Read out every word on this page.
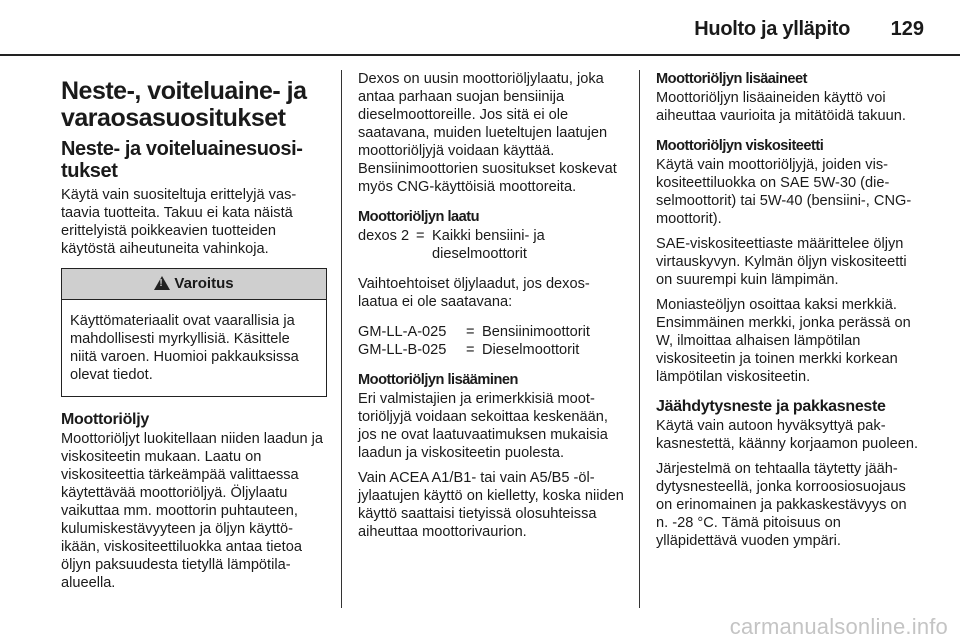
Huolto ja ylläpito 129
Neste-, voiteluaine- ja varaosasuositukset
Neste- ja voiteluainesuositukset

Käytä vain suositeltuja erittelyjä vastaavia tuotteita. Takuu ei kata näistä erittelyistä poikkeavien tuotteiden käytöstä aiheutuneita vahinkoja.

!Varoitus
Käyttömateriaalit ovat vaarallisia ja mahdollisesti myrkyllisiä. Käsittele niitä varoen. Huomioi pakkauksissa olevat tiedot.
Moottoriöljy

Moottoriöljyt luokitellaan niiden laadun ja viskositeetin mukaan. Laatu on viskositeettia tärkeämpää valittaessa käytettävää moottoriöljyä. Öljylaatu vaikuttaa mm. moottorin puhtauteen, kulumiskestävyyteen ja öljyn käyttöikään, viskositeettiluokka antaa tietoa öljyn paksuudesta tietyllä lämpötilaalueella.

Dexos on uusin moottoriöljylaatu, joka antaa parhaan suojan bensiinija dieselmoottoreille. Jos sitä ei ole saatavana, muiden lueteltujen laatujen moottoriöljyjä voidaan käyttää. Bensiinimoottorien suositukset koskevat myös CNG-käyttöisiä moottoreita.

Moottoriöljyn laatu
dexos 2	=	Kaikki bensiini- ja dieselmoottorit

Vaihtoehtoiset öljylaadut, jos dexoslaatua ei ole saatavana:

GM-LL-A-025	=	Bensiinimoottorit
GM-LL-B-025	=	Dieselmoottorit
Moottoriöljyn lisääminen

Eri valmistajien ja erimerkkisiä moottoriöljyjä voidaan sekoittaa keskenään, jos ne ovat laatuvaatimuksen mukaisia laadun ja viskositeetin puolesta.

Vain ACEA A1/B1- tai vain A5/B5 -öljylaatujen käyttö on kielletty, koska niiden käyttö saattaisi tietyissä olosuhteissa aiheuttaa moottorivaurion.

Moottoriöljyn lisäaineet

Moottoriöljyn lisäaineiden käyttö voi aiheuttaa vaurioita ja mitätöidä takuun.

Moottoriöljyn viskositeetti

Käytä vain moottoriöljyjä, joiden viskositeettiluokka on SAE 5W-30 (dieselmoottorit) tai 5W-40 (bensiini-, CNG-moottorit).

SAE-viskositeettiaste määrittelee öljyn virtauskyvyn. Kylmän öljyn viskositeetti on suurempi kuin lämpimän.

Moniasteöljyn osoittaa kaksi merkkiä. Ensimmäinen merkki, jonka perässä on W, ilmoittaa alhaisen lämpötilan viskositeetin ja toinen merkki korkean lämpötilan viskositeetin.

Jäähdytysneste ja pakkasneste

Käytä vain autoon hyväksyttyä pakkasnestettä, käänny korjaamon puoleen.

Järjestelmä on tehtaalla täytetty jäähdytysnesteellä, jonka korroosiosuojaus on erinomainen ja pakkaskestävyys on n. -28 °C. Tämä pitoisuus on ylläpidettävä vuoden ympäri.

carmanualsonline.info
